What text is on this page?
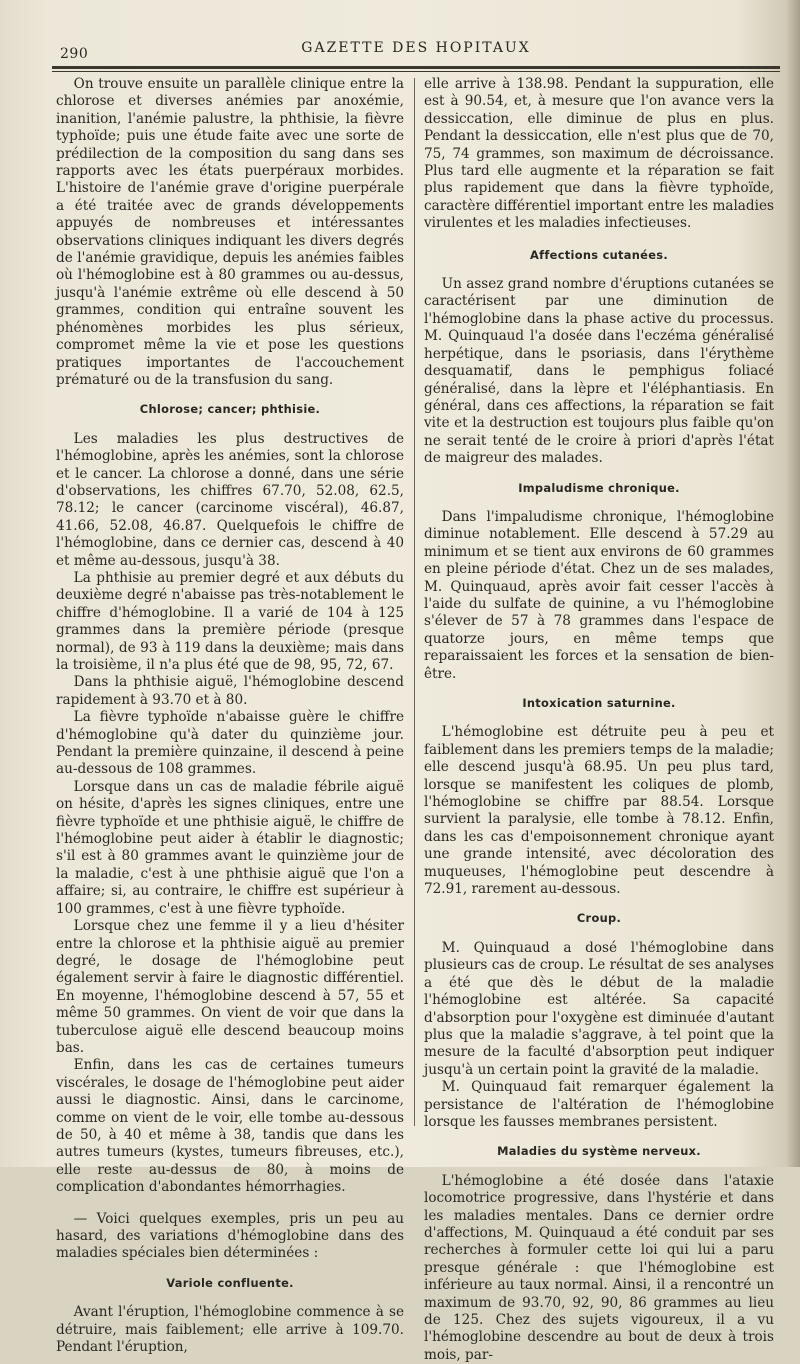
290	GAZETTE DES HOPITAUX

On trouve ensuite un parallèle clinique entre la chlorose et diverses anémies par anoxémie, inanition, l'anémie palustre, la phthisie, la fièvre typhoïde; puis une étude faite avec une sorte de prédilection de la composition du sang dans ses rapports avec les états puerpéraux morbides. L'histoire de l'anémie grave d'origine puerpérale a été traitée avec de grands développements appuyés de nombreuses et intéressantes observations cliniques indiquant les divers degrés de l'anémie gravidique, depuis les anémies faibles où l'hémoglobine est à 80 grammes ou au-dessus, jusqu'à l'anémie extrême où elle descend à 50 grammes, condition qui entraîne souvent les phénomènes morbides les plus sérieux, compromet même la vie et pose les questions pratiques importantes de l'accouchement prématuré ou de la transfusion du sang.

Chlorose; cancer; phthisie.

Les maladies les plus destructives de l'hémoglobine, après les anémies, sont la chlorose et le cancer. La chlorose a donné, dans une série d'observations, les chiffres 67.70, 52.08, 62.5, 78.12; le cancer (carcinome viscéral), 46.87, 41.66, 52.08, 46.87. Quelquefois le chiffre de l'hémoglobine, dans ce dernier cas, descend à 40 et même au-dessous, jusqu'à 38.

La phthisie au premier degré et aux débuts du deuxième degré n'abaisse pas très-notablement le chiffre d'hémoglobine. Il a varié de 104 à 125 grammes dans la première période (presque normal), de 93 à 119 dans la deuxième; mais dans la troisième, il n'a plus été que de 98, 95, 72, 67.

Dans la phthisie aiguë, l'hémoglobine descend rapidement à 93.70 et à 80.

La fièvre typhoïde n'abaisse guère le chiffre d'hémoglobine qu'à dater du quinzième jour. Pendant la première quinzaine, il descend à peine au-dessous de 108 grammes.

Lorsque dans un cas de maladie fébrile aiguë on hésite, d'après les signes cliniques, entre une fièvre typhoïde et une phthisie aiguë, le chiffre de l'hémoglobine peut aider à établir le diagnostic; s'il est à 80 grammes avant le quinzième jour de la maladie, c'est à une phthisie aiguë que l'on a affaire; si, au contraire, le chiffre est supérieur à 100 grammes, c'est à une fièvre typhoïde.

Lorsque chez une femme il y a lieu d'hésiter entre la chlorose et la phthisie aiguë au premier degré, le dosage de l'hémoglobine peut également servir à faire le diagnostic différentiel. En moyenne, l'hémoglobine descend à 57, 55 et même 50 grammes. On vient de voir que dans la tuberculose aiguë elle descend beaucoup moins bas.

Enfin, dans les cas de certaines tumeurs viscérales, le dosage de l'hémoglobine peut aider aussi le diagnostic. Ainsi, dans le carcinome, comme on vient de le voir, elle tombe au-dessous de 50, à 40 et même à 38, tandis que dans les autres tumeurs (kystes, tumeurs fibreuses, etc.), elle reste au-dessus de 80, à moins de complication d'abondantes hémorrhagies.

— Voici quelques exemples, pris un peu au hasard, des variations d'hémoglobine dans des maladies spéciales bien déterminées :

Variole confluente.

Avant l'éruption, l'hémoglobine commence à se détruire, mais faiblement; elle arrive à 109.70. Pendant l'éruption,

elle arrive à 138.98. Pendant la suppuration, elle est à 90.54, et, à mesure que l'on avance vers la dessiccation, elle diminue de plus en plus. Pendant la dessiccation, elle n'est plus que de 70, 75, 74 grammes, son maximum de décroissance. Plus tard elle augmente et la réparation se fait plus rapidement que dans la fièvre typhoïde, caractère différentiel important entre les maladies virulentes et les maladies infectieuses.

Affections cutanées.

Un assez grand nombre d'éruptions cutanées se caractérisent par une diminution de l'hémoglobine dans la phase active du processus. M. Quinquaud l'a dosée dans l'eczéma généralisé herpétique, dans le psoriasis, dans l'érythème desquamatif, dans le pemphigus foliacé généralisé, dans la lèpre et l'éléphantiasis. En général, dans ces affections, la réparation se fait vite et la destruction est toujours plus faible qu'on ne serait tenté de le croire à priori d'après l'état de maigreur des malades.

Impaludisme chronique.

Dans l'impaludisme chronique, l'hémoglobine diminue notablement. Elle descend à 57.29 au minimum et se tient aux environs de 60 grammes en pleine période d'état. Chez un de ses malades, M. Quinquaud, après avoir fait cesser l'accès à l'aide du sulfate de quinine, a vu l'hémoglobine s'élever de 57 à 78 grammes dans l'espace de quatorze jours, en même temps que reparaissaient les forces et la sensation de bien-être.

Intoxication saturnine.

L'hémoglobine est détruite peu à peu et faiblement dans les premiers temps de la maladie; elle descend jusqu'à 68.95. Un peu plus tard, lorsque se manifestent les coliques de plomb, l'hémoglobine se chiffre par 88.54. Lorsque survient la paralysie, elle tombe à 78.12. Enfin, dans les cas d'empoisonnement chronique ayant une grande intensité, avec décoloration des muqueuses, l'hémoglobine peut descendre à 72.91, rarement au-dessous.

Croup.

M. Quinquaud a dosé l'hémoglobine dans plusieurs cas de croup. Le résultat de ses analyses a été que dès le début de la maladie l'hémoglobine est altérée. Sa capacité d'absorption pour l'oxygène est diminuée d'autant plus que la maladie s'aggrave, à tel point que la mesure de la faculté d'absorption peut indiquer jusqu'à un certain point la gravité de la maladie.

M. Quinquaud fait remarquer également la persistance de l'altération de l'hémoglobine lorsque les fausses membranes persistent.

Maladies du système nerveux.

L'hémoglobine a été dosée dans l'ataxie locomotrice progressive, dans l'hystérie et dans les maladies mentales. Dans ce dernier ordre d'affections, M. Quinquaud a été conduit par ses recherches à formuler cette loi qui lui a paru presque générale : que l'hémoglobine est inférieure au taux normal. Ainsi, il a rencontré un maximum de 93.70, 92, 90, 86 grammes au lieu de 125. Chez des sujets vigoureux, il a vu l'hémoglobine descendre au bout de deux à trois mois, par-
